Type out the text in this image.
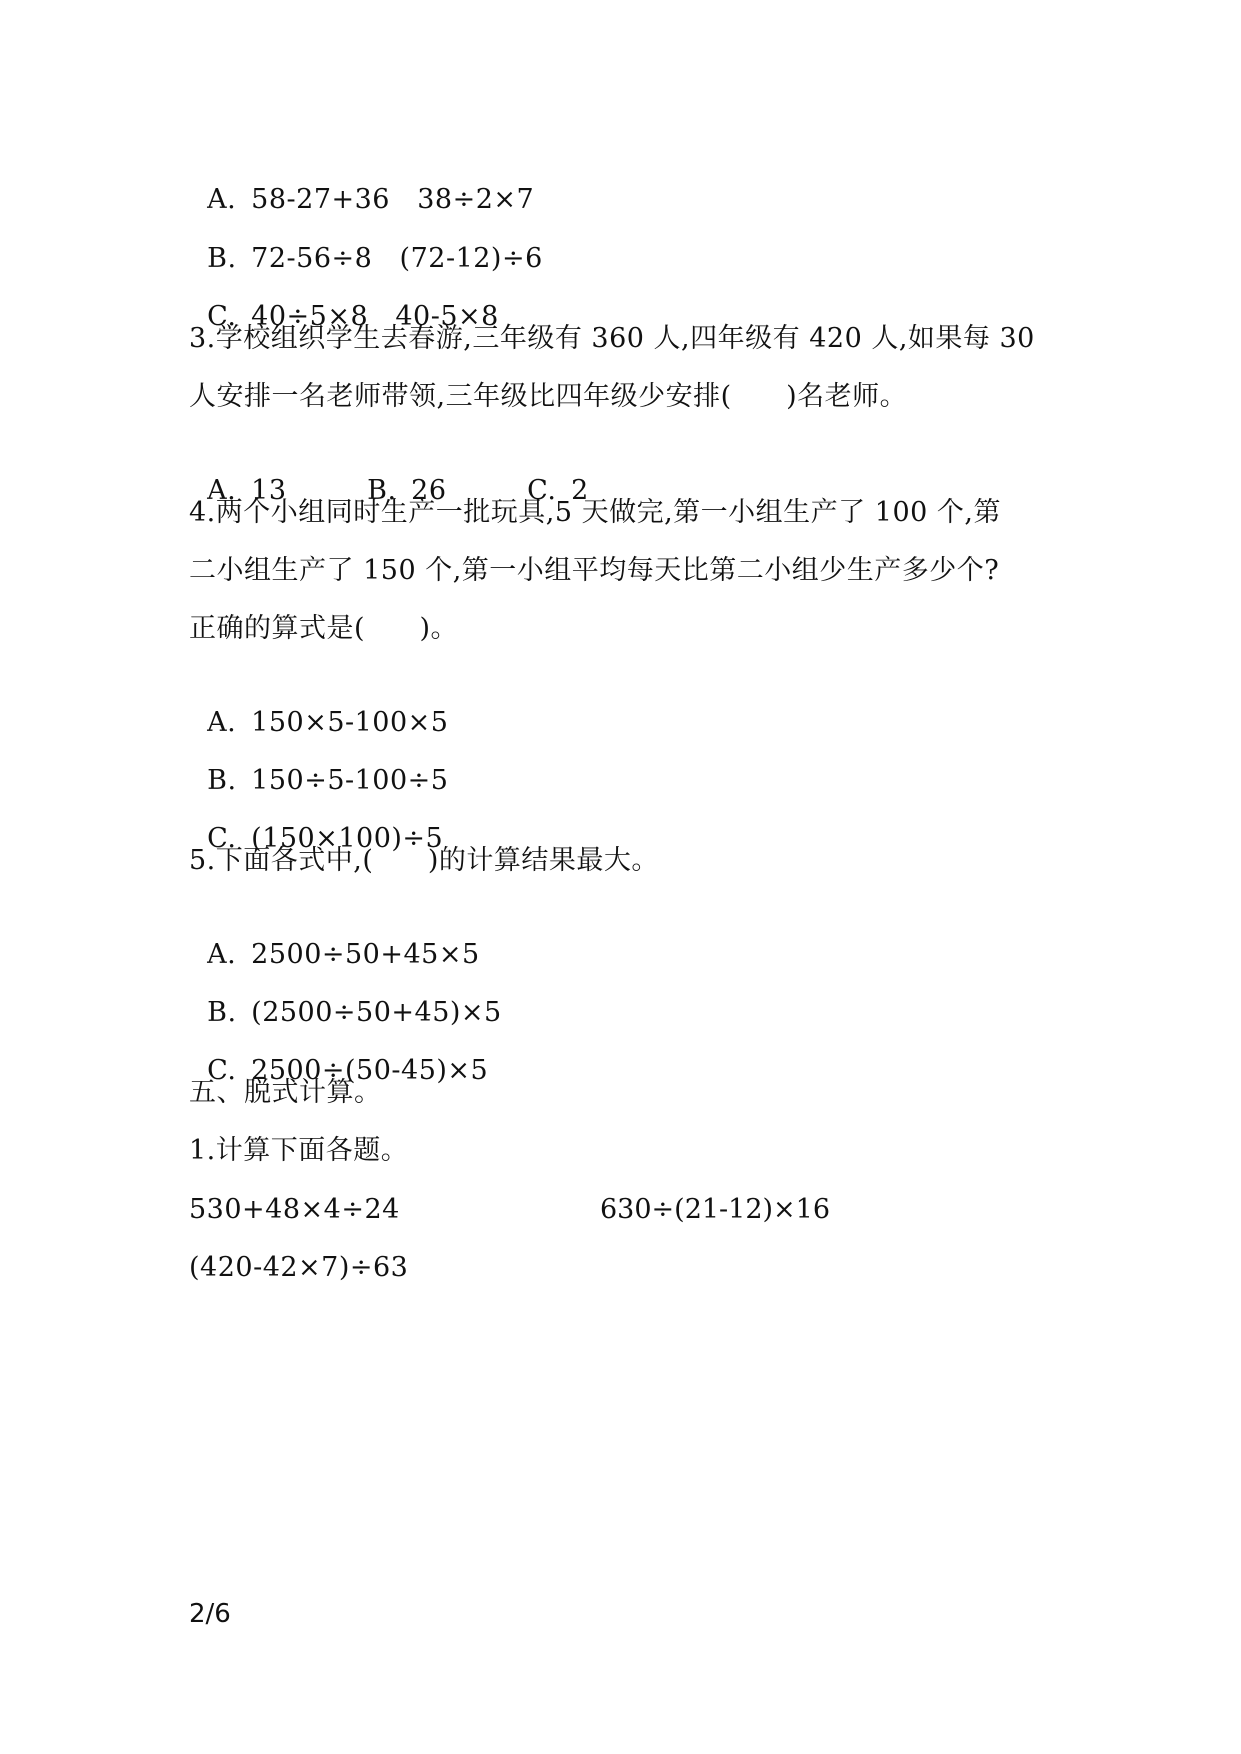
A. 58-27+36   38÷2×7

B. 72-56÷8   (72-12)÷6

C. 40÷5×8   40-5×8

3.学校组织学生去春游,三年级有 360 人,四年级有 420 人,如果每 30
人安排一名老师带领,三年级比四年级少安排(      )名老师。

A. 13	B. 26	C. 2

4.两个小组同时生产一批玩具,5 天做完,第一小组生产了 100 个,第
二小组生产了 150 个,第一小组平均每天比第二小组少生产多少个?
正确的算式是(      )。

A. 150×5-100×5

B. 150÷5-100÷5

C. (150×100)÷5

5.下面各式中,(      )的计算结果最大。

A. 2500÷50+45×5

B. (2500÷50+45)×5

C. 2500÷(50-45)×5

五、脱式计算。
1.计算下面各题。
530+48×4÷24	630÷(21-12)×16
(420-42×7)÷63
2/6
